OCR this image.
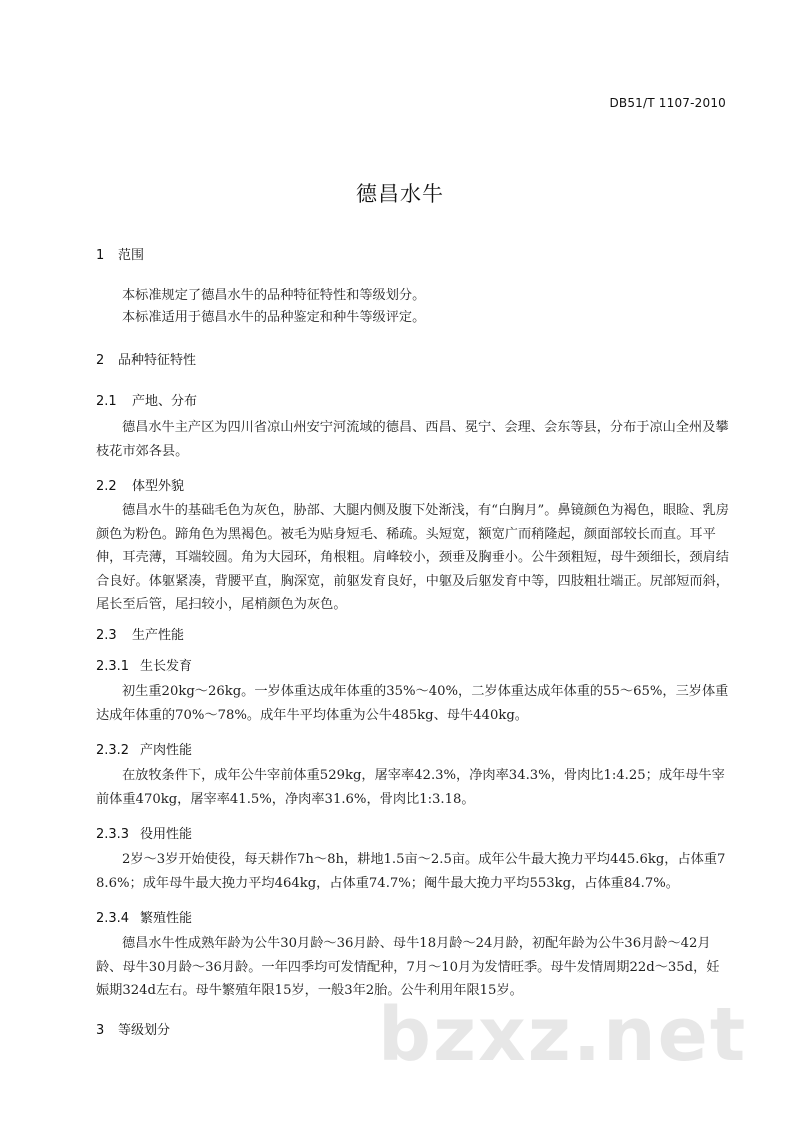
DB51/T 1107-2010
德昌水牛
1 范围
本标准规定了德昌水牛的品种特征特性和等级划分。
本标准适用于德昌水牛的品种鉴定和种牛等级评定。
2 品种特征特性
2.1 产地、分布
德昌水牛主产区为四川省凉山州安宁河流域的德昌、西昌、冕宁、会理、会东等县，分布于凉山全州及攀枝花市郊各县。
2.2 体型外貌
德昌水牛的基础毛色为灰色，胁部、大腿内侧及腹下处渐浅，有“白胸月”。鼻镜颜色为褐色，眼睑、乳房颜色为粉色。蹄角色为黑褐色。被毛为贴身短毛、稀疏。头短宽，额宽广而稍隆起，颜面部较长而直。耳平伸，耳壳薄，耳端较圆。角为大园环，角根粗。肩峰较小，颈垂及胸垂小。公牛颈粗短，母牛颈细长，颈肩结合良好。体躯紧凑，背腰平直，胸深宽，前躯发育良好，中躯及后躯发育中等，四肢粗壮端正。尻部短而斜，尾长至后管，尾扫较小，尾梢颜色为灰色。
2.3 生产性能
2.3.1 生长发育
初生重20kg～26kg。一岁体重达成年体重的35%～40%，二岁体重达成年体重的55～65%，三岁体重达成年体重的70%～78%。成年牛平均体重为公牛485kg、母牛440kg。
2.3.2 产肉性能
在放牧条件下，成年公牛宰前体重529kg，屠宰率42.3%，净肉率34.3%，骨肉比1:4.25；成年母牛宰前体重470kg，屠宰率41.5%，净肉率31.6%，骨肉比1:3.18。
2.3.3 役用性能
2岁～3岁开始使役，每天耕作7h～8h，耕地1.5亩～2.5亩。成年公牛最大挽力平均445.6kg，占体重78.6%；成年母牛最大挽力平均464kg，占体重74.7%；阉牛最大挽力平均553kg，占体重84.7%。
2.3.4 繁殖性能
德昌水牛性成熟年龄为公牛30月龄～36月龄、母牛18月龄～24月龄，初配年龄为公牛36月龄～42月龄、母牛30月龄～36月龄。一年四季均可发情配种，7月～10月为发情旺季。母牛发情周期22d～35d，妊娠期324d左右。母牛繁殖年限15岁，一般3年2胎。公牛利用年限15岁。
bzxz.net
3 等级划分
